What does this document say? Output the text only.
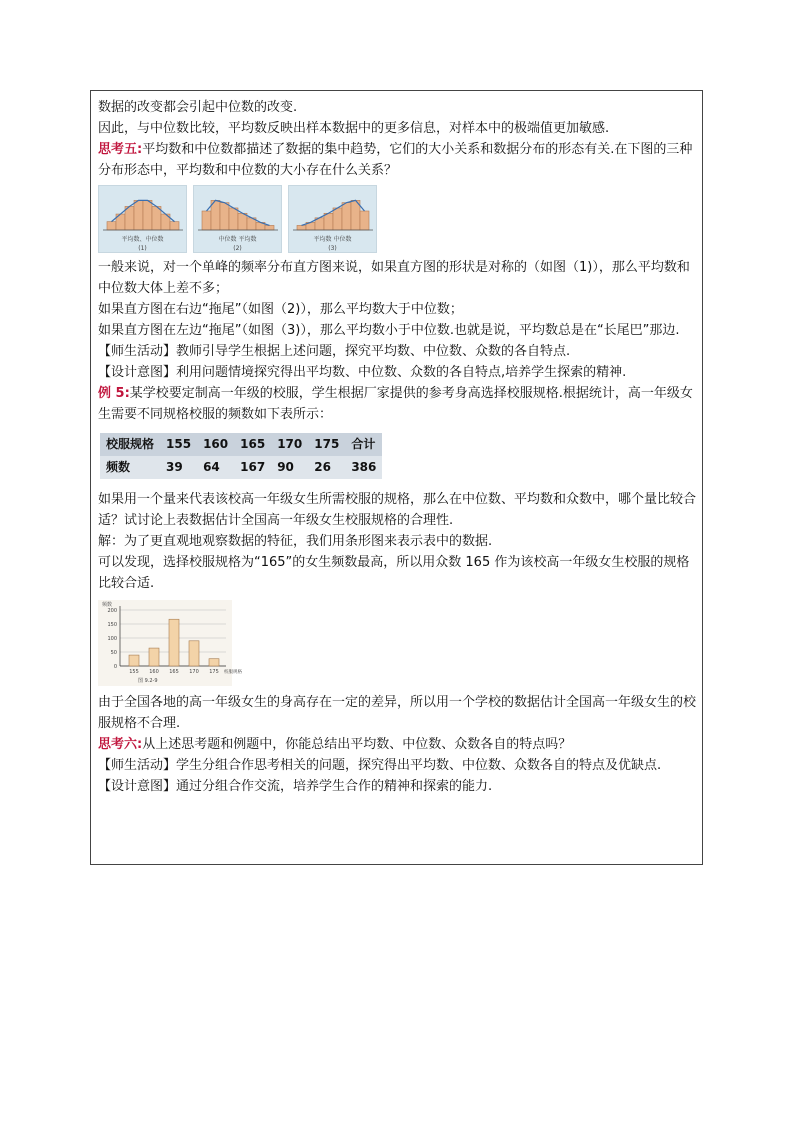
数据的改变都会引起中位数的改变.

因此，与中位数比较，平均数反映出样本数据中的更多信息，对样本中的极端值更加敏感.

思考五:平均数和中位数都描述了数据的集中趋势，它们的大小关系和数据分布的形态有关.在下图的三种分布形态中，平均数和中位数的大小存在什么关系？

平均数、中位数
(1)
中位数 平均数
(2)
平均数 中位数
(3)

一般来说，对一个单峰的频率分布直方图来说，如果直方图的形状是对称的（如图（1)），那么平均数和中位数大体上差不多；

如果直方图在右边“拖尾”（如图（2)），那么平均数大于中位数；

如果直方图在左边“拖尾”（如图（3)），那么平均数小于中位数.也就是说，平均数总是在“长尾巴”那边.

【师生活动】教师引导学生根据上述问题，探究平均数、中位数、众数的各自特点.

【设计意图】利用问题情境探究得出平均数、中位数、众数的各自特点,培养学生探索的精神.

例 5:某学校要定制高一年级的校服，学生根据厂家提供的参考身高选择校服规格.根据统计，高一年级女生需要不同规格校服的频数如下表所示：

校服规格	155	160	165	170	175	合计
频数	39	64	167	90	26	386

如果用一个量来代表该校高一年级女生所需校服的规格，那么在中位数、平均数和众数中，哪个量比较合适？试讨论上表数据估计全国高一年级女生校服规格的合理性.

解：为了更直观地观察数据的特征，我们用条形图来表示表中的数据.

可以发现，选择校服规格为“165”的女生频数最高，所以用众数 165 作为该校高一年级女生校服的规格比较合适.

0
50
100
150
200
频数
155 160 165 170 175 校服规格
图 9.2-9

由于全国各地的高一年级女生的身高存在一定的差异，所以用一个学校的数据估计全国高一年级女生的校服规格不合理.

思考六:从上述思考题和例题中，你能总结出平均数、中位数、众数各自的特点吗？

【师生活动】学生分组合作思考相关的问题，探究得出平均数、中位数、众数各自的特点及优缺点.

【设计意图】通过分组合作交流，培养学生合作的精神和探索的能力.
